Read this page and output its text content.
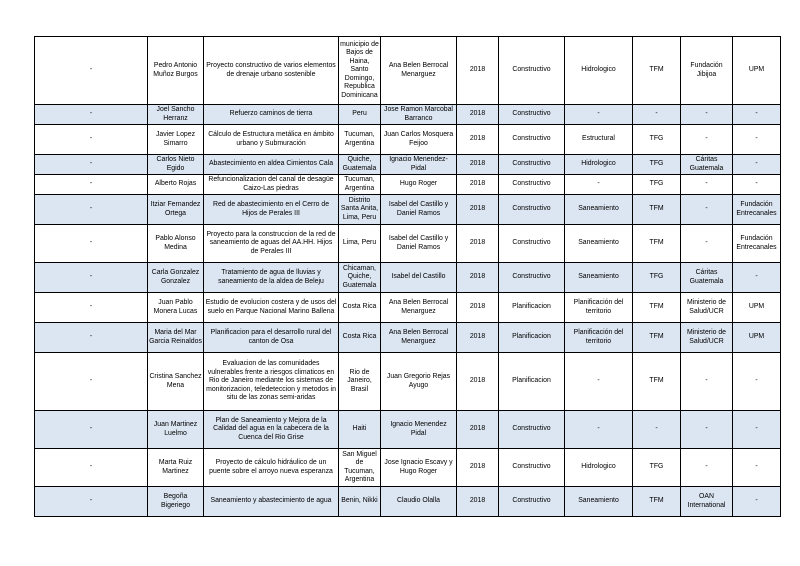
-	Pedro Antonio Muñoz Burgos	Proyecto constructivo de varios elementos de drenaje urbano sostenible	municipio de Bajos de Haina, Santo Domingo, Republica Dominicana	Ana Belen Berrocal Menarguez	2018	Constructivo	Hidrologico	TFM	Fundación Jibijoa	UPM
-	Joel Sancho Herranz	Refuerzo caminos de tierra	Peru	Jose Ramon Marcobal Barranco	2018	Constructivo	-	-	-	-
-	Javier Lopez Simarro	Cálculo de Estructura metálica en ámbito urbano y Submuración	Tucuman, Argentina	Juan Carlos Mosquera Feijoo	2018	Constructivo	Estructural	TFG	-	-
-	Carlos Nieto Egido	Abastecimiento en aldea Cimientos Cala	Quiche, Guatemala	Ignacio Menendez-Pidal	2018	Constructivo	Hidrologico	TFG	Cáritas Guatemala	-
-	Alberto Rojas	Refuncionalizacion del canal de desagüe Caizo-Las piedras	Tucuman, Argentina	Hugo Roger	2018	Constructivo	-	TFG	-	-
-	Itziar Fernandez Ortega	Red de abastecimiento en el Cerro de Hijos de Perales III	Distrito Santa Anita, Lima, Peru	Isabel del Castillo y Daniel Ramos	2018	Constructivo	Saneamiento	TFM	-	Fundación Entrecanales
-	Pablo Alonso Medina	Proyecto para la construccion de la red de saneamiento de aguas del AA.HH. Hijos de Perales III	Lima, Peru	Isabel del Castillo y Daniel Ramos	2018	Constructivo	Saneamiento	TFM	-	Fundación Entrecanales
-	Carla Gonzalez Gonzalez	Tratamiento de agua de lluvias y saneamiento de la aldea de Beleju	Chicaman, Quiche, Guatemala	Isabel del Castillo	2018	Constructivo	Saneamiento	TFG	Cáritas Guatemala	-
-	Juan Pablo Monera Lucas	Estudio de evolucion costera y de usos del suelo en Parque Nacional Marino Ballena	Costa Rica	Ana Belen Berrocal Menarguez	2018	Planificacion	Planificación del territorio	TFM	Ministerio de Salud/UCR	UPM
-	Maria del Mar Garcia Reinaldos	Planificacion para el desarrollo rural del canton de Osa	Costa Rica	Ana Belen Berrocal Menarguez	2018	Planificacion	Planificación del territorio	TFM	Ministerio de Salud/UCR	UPM
-	Cristina Sanchez Mena	Evaluacion de las comunidades vulnerables frente a riesgos climaticos en Rio de Janeiro mediante los sistemas de monitorizacion, teledeteccion y metodos in situ de las zonas semi-aridas	Rio de Janeiro, Brasil	Juan Gregorio Rejas Ayugo	2018	Planificacion	-	TFM	-	-
-	Juan Martinez Luelmo	Plan de Saneamiento y Mejora de la Calidad del agua en la cabecera de la Cuenca del Rio Grise	Haiti	Ignacio Menendez Pidal	2018	Constructivo	-	-	-	-
-	Marta Ruiz Martinez	Proyecto de cálculo hidráulico de un puente sobre el arroyo nueva esperanza	San Miguel de Tucuman, Argentina	Jose Ignacio Escavy y Hugo Roger	2018	Constructivo	Hidrologico	TFG	-	-
-	Begoña Bigeriego	Saneamiento y abastecimiento de agua	Benin, Nikki	Claudio Olalla	2018	Constructivo	Saneamiento	TFM	OAN International	-
